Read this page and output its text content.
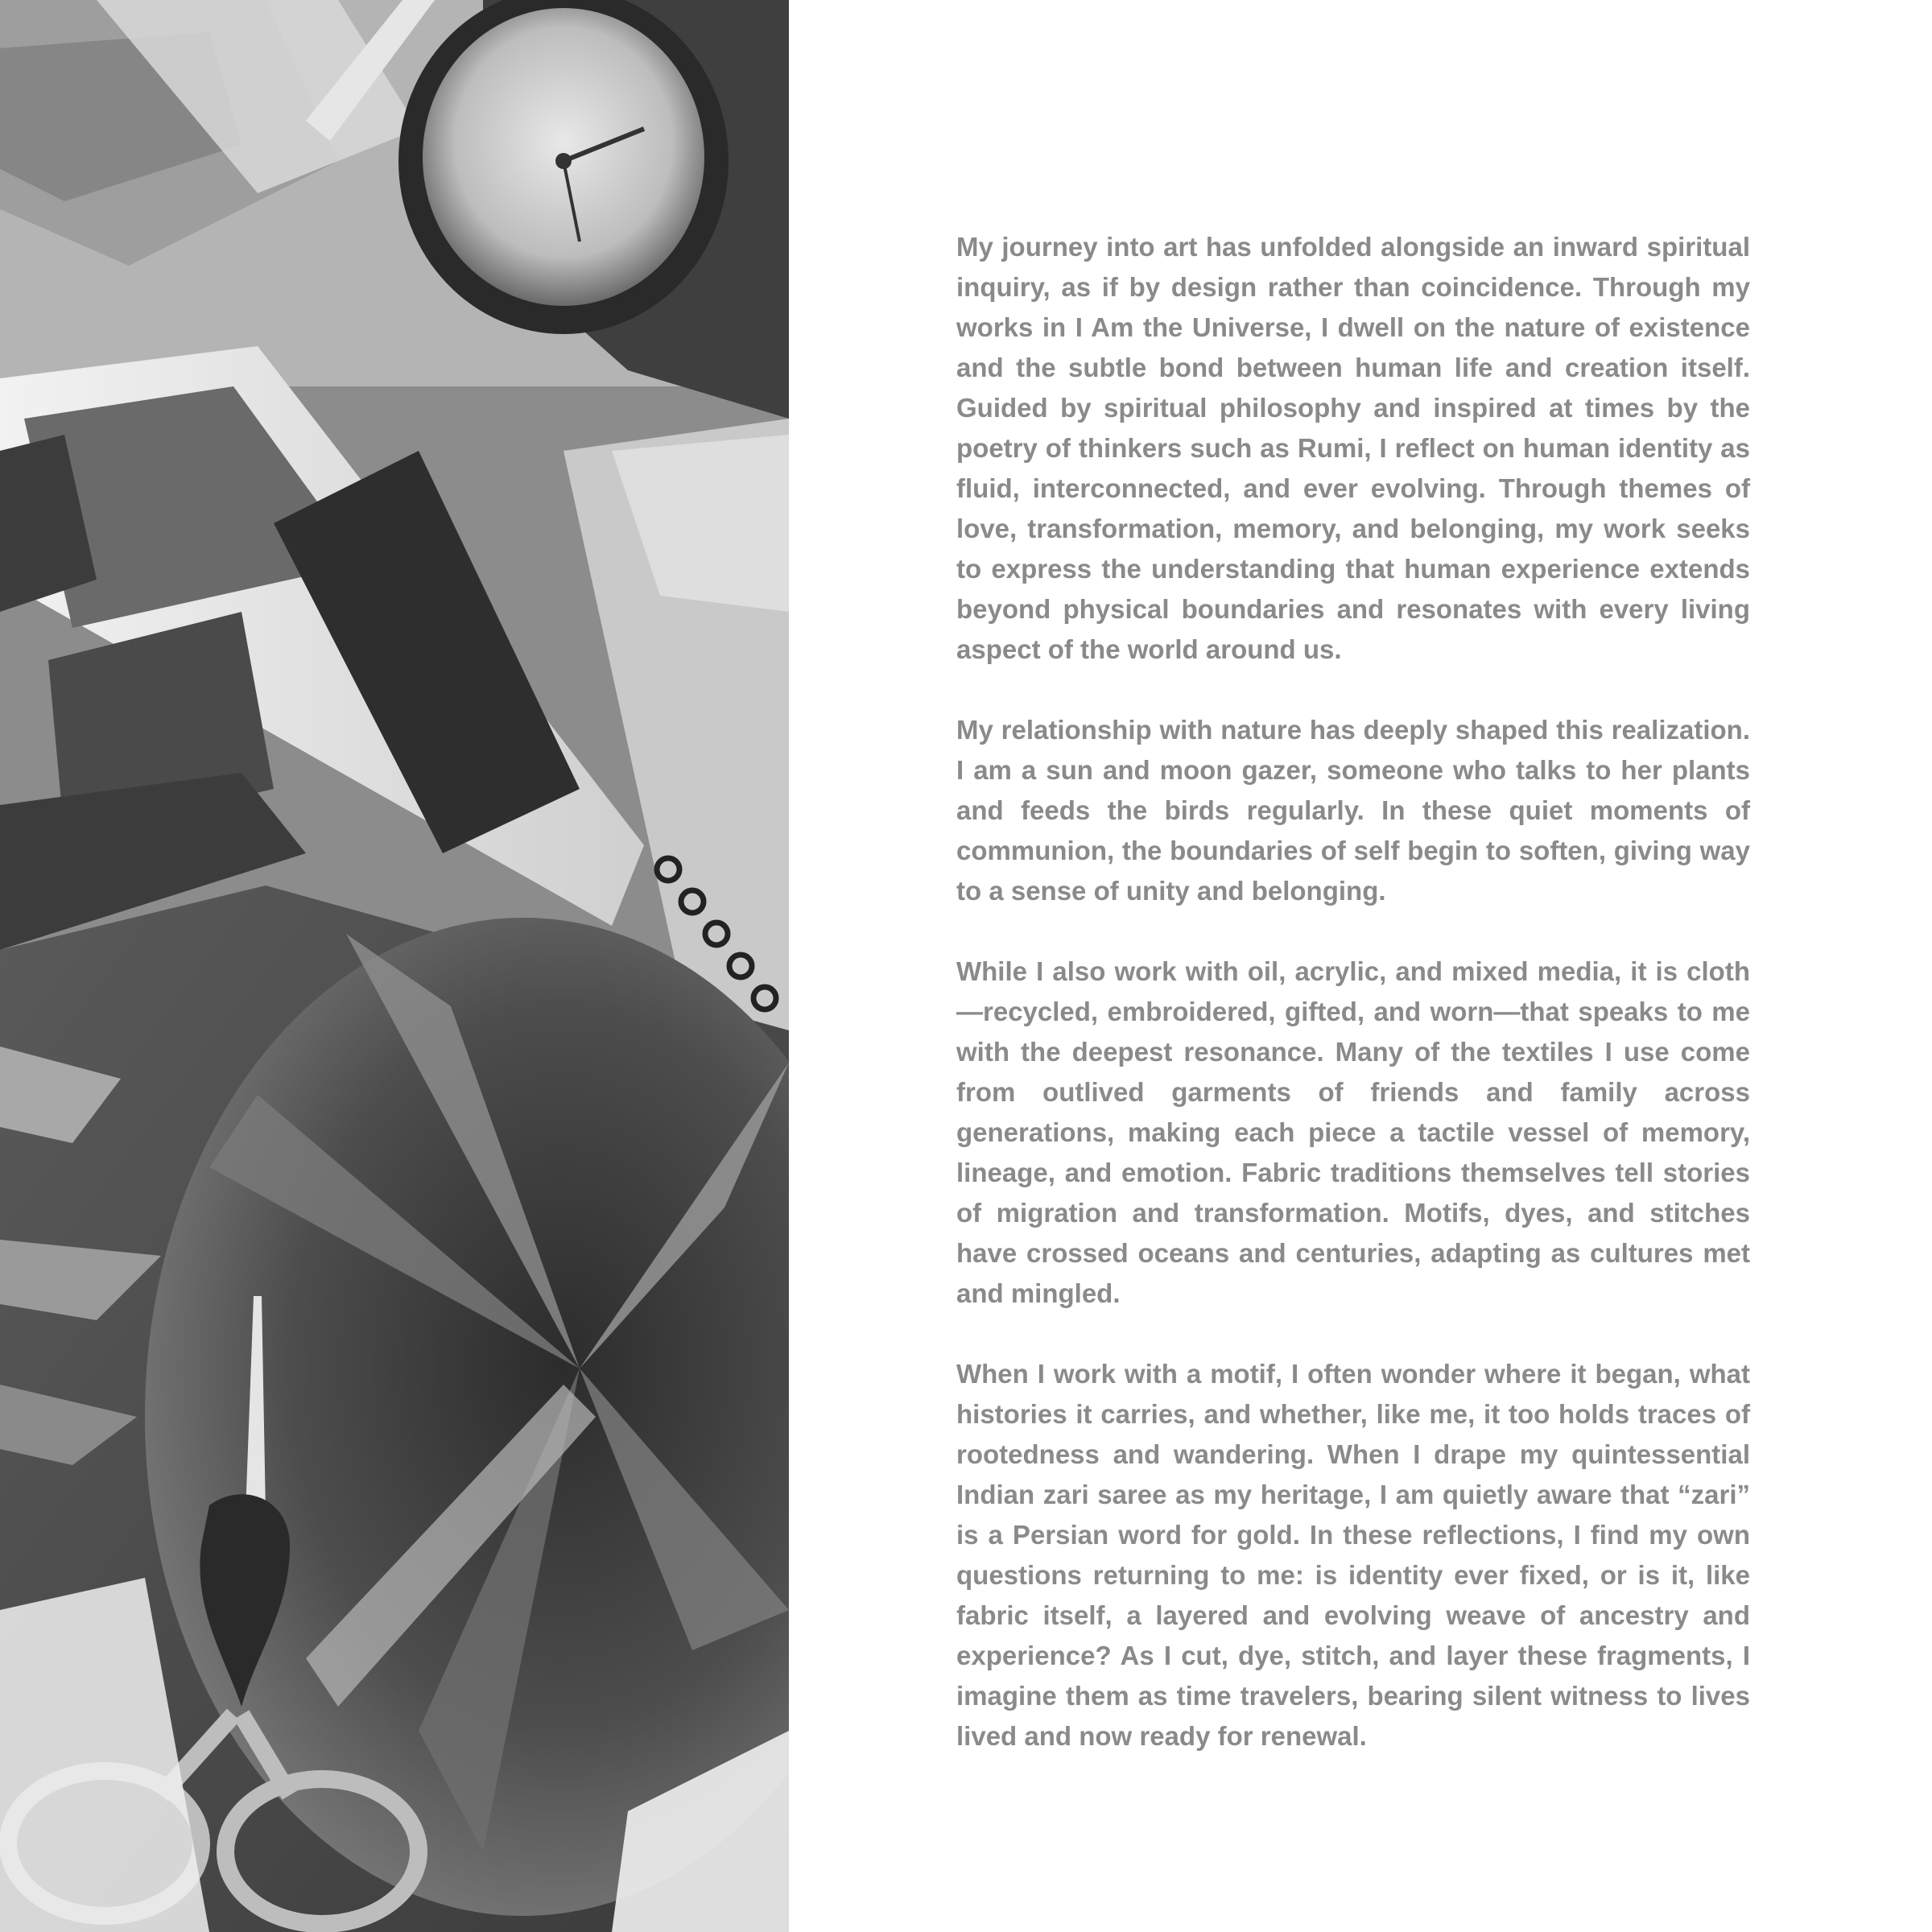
My journey into art has unfolded alongside an inward spiritual inquiry, as if by design rather than coincidence. Through my works in I Am the Universe, I dwell on the nature of existence and the subtle bond between human life and creation itself. Guided by spiritual philosophy and inspired at times by the poetry of thinkers such as Rumi, I reflect on human identity as fluid, interconnected, and ever evolving. Through themes of love, transformation, memory, and belonging, my work seeks to express the understanding that human experience extends beyond physical boundaries and resonates with every living aspect of the world around us.

My relationship with nature has deeply shaped this realization. I am a sun and moon gazer, someone who talks to her plants and feeds the birds regularly. In these quiet moments of communion, the boundaries of self begin to soften, giving way to a sense of unity and belonging.

While I also work with oil, acrylic, and mixed media, it is cloth—recycled, embroidered, gifted, and worn—that speaks to me with the deepest resonance. Many of the textiles I use come from outlived garments of friends and family across generations, making each piece a tactile vessel of memory, lineage, and emotion. Fabric traditions themselves tell stories of migration and transformation. Motifs, dyes, and stitches have crossed oceans and centuries, adapting as cultures met and mingled.

When I work with a motif, I often wonder where it began, what histories it carries, and whether, like me, it too holds traces of rootedness and wandering. When I drape my quintessential Indian zari saree as my heritage, I am quietly aware that “zari” is a Persian word for gold. In these reflections, I find my own questions returning to me: is identity ever fixed, or is it, like fabric itself, a layered and evolving weave of ancestry and experience? As I cut, dye, stitch, and layer these fragments, I imagine them as time travelers, bearing silent witness to lives lived and now ready for renewal.
